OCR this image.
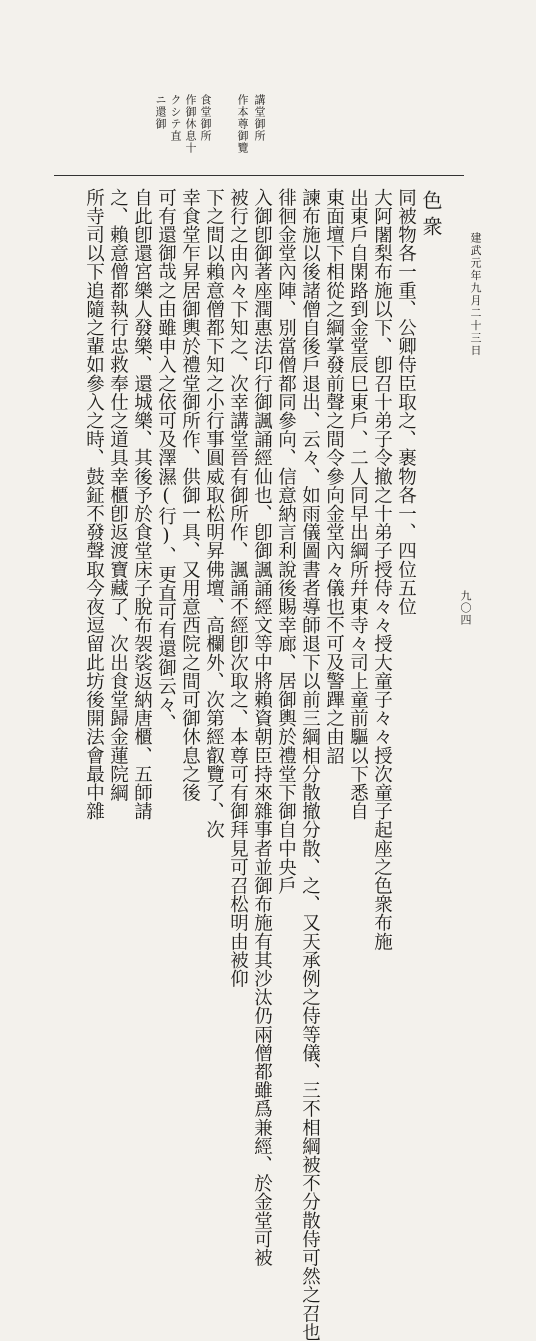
九〇四
建武元年九月二十三日
講堂御所
作本尊御覽
食堂御所
作御休息十
クシテ直
ニ還御
色衆
同被物各一重、公卿侍臣取之、裹物各一、四位五位
大阿闍梨布施以下、卽召十弟子令撤之十弟子授侍々々授大童子々々授次童子起座之色衆布施
出東戶自閑路到金堂辰巳東戶、二人同早出綱所幷東寺々司上童前驅以下悉自
東面壇下相從之綱掌發前聲之間令參向金堂內々儀也不可及警蹕之由詔
諫布施以後諸僧自後戶退出、云々、如雨儀圖書者導師退下以前三綱相分散撤分散、之、又天承例之侍等儀、三不相綱被不分散侍可然之召也
徘徊金堂內陣、別當僧都同參向、信意納言利說後賜幸廊、居御輿於禮堂下御自中央戶
入御卽御著座潤惠法印行御諷誦經仙也、卽御諷誦經文等中將賴資朝臣持來雜事者並御布施有其沙汰仍兩僧都雖爲兼經、於金堂可被
被行之由內々下知之、次幸講堂晉有御所作、諷誦不經卽次取之、本尊可有御拜見可召松明由被仰
下之間以賴意僧都下知之小行事圓威取松明昇佛壇、高欄外、次第經叡覽了、次
幸食堂乍昇居御輿於禮堂御所作、供御一具、又用意西院之間可御休息之後
可有還御哉之由雖申入之依可及澤濕(行)、更直可有還御云々、
自此卽還宮樂人發樂、還城樂、其後予於食堂床子脫布袈裟返納唐櫃、五師請
之、賴意僧都執行忠救奉仕之道具幸櫃卽返渡寶藏了、次出食堂歸金蓮院綱
所寺司以下追隨之輩如參入之時、鼓鉦不發聲取今夜逗留此坊後開法會最中雜
